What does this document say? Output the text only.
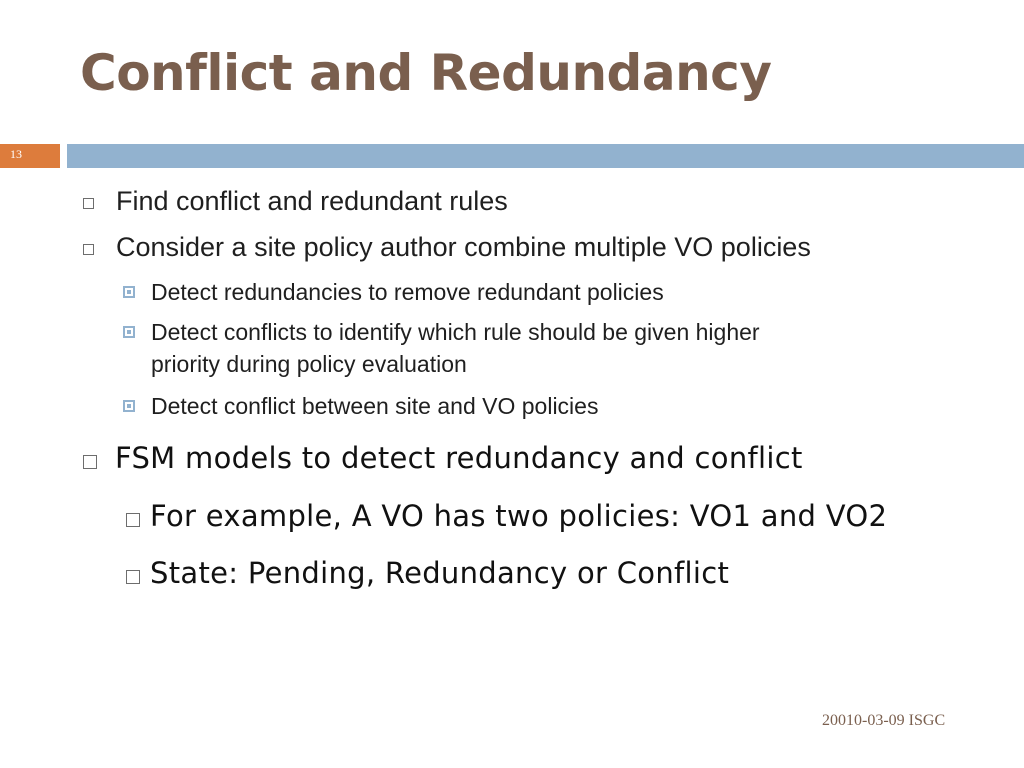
Conflict and Redundancy
13
Find conflict and redundant rules
Consider a site policy author combine multiple VO policies
Detect redundancies to remove redundant policies
Detect conflicts to identify which rule should be given higher
priority during policy evaluation
Detect conflict between site and VO policies
FSM models to detect redundancy and conflict
For example, A VO has two policies: VO1 and VO2
State: Pending, Redundancy or Conflict
20010-03-09 ISGC
